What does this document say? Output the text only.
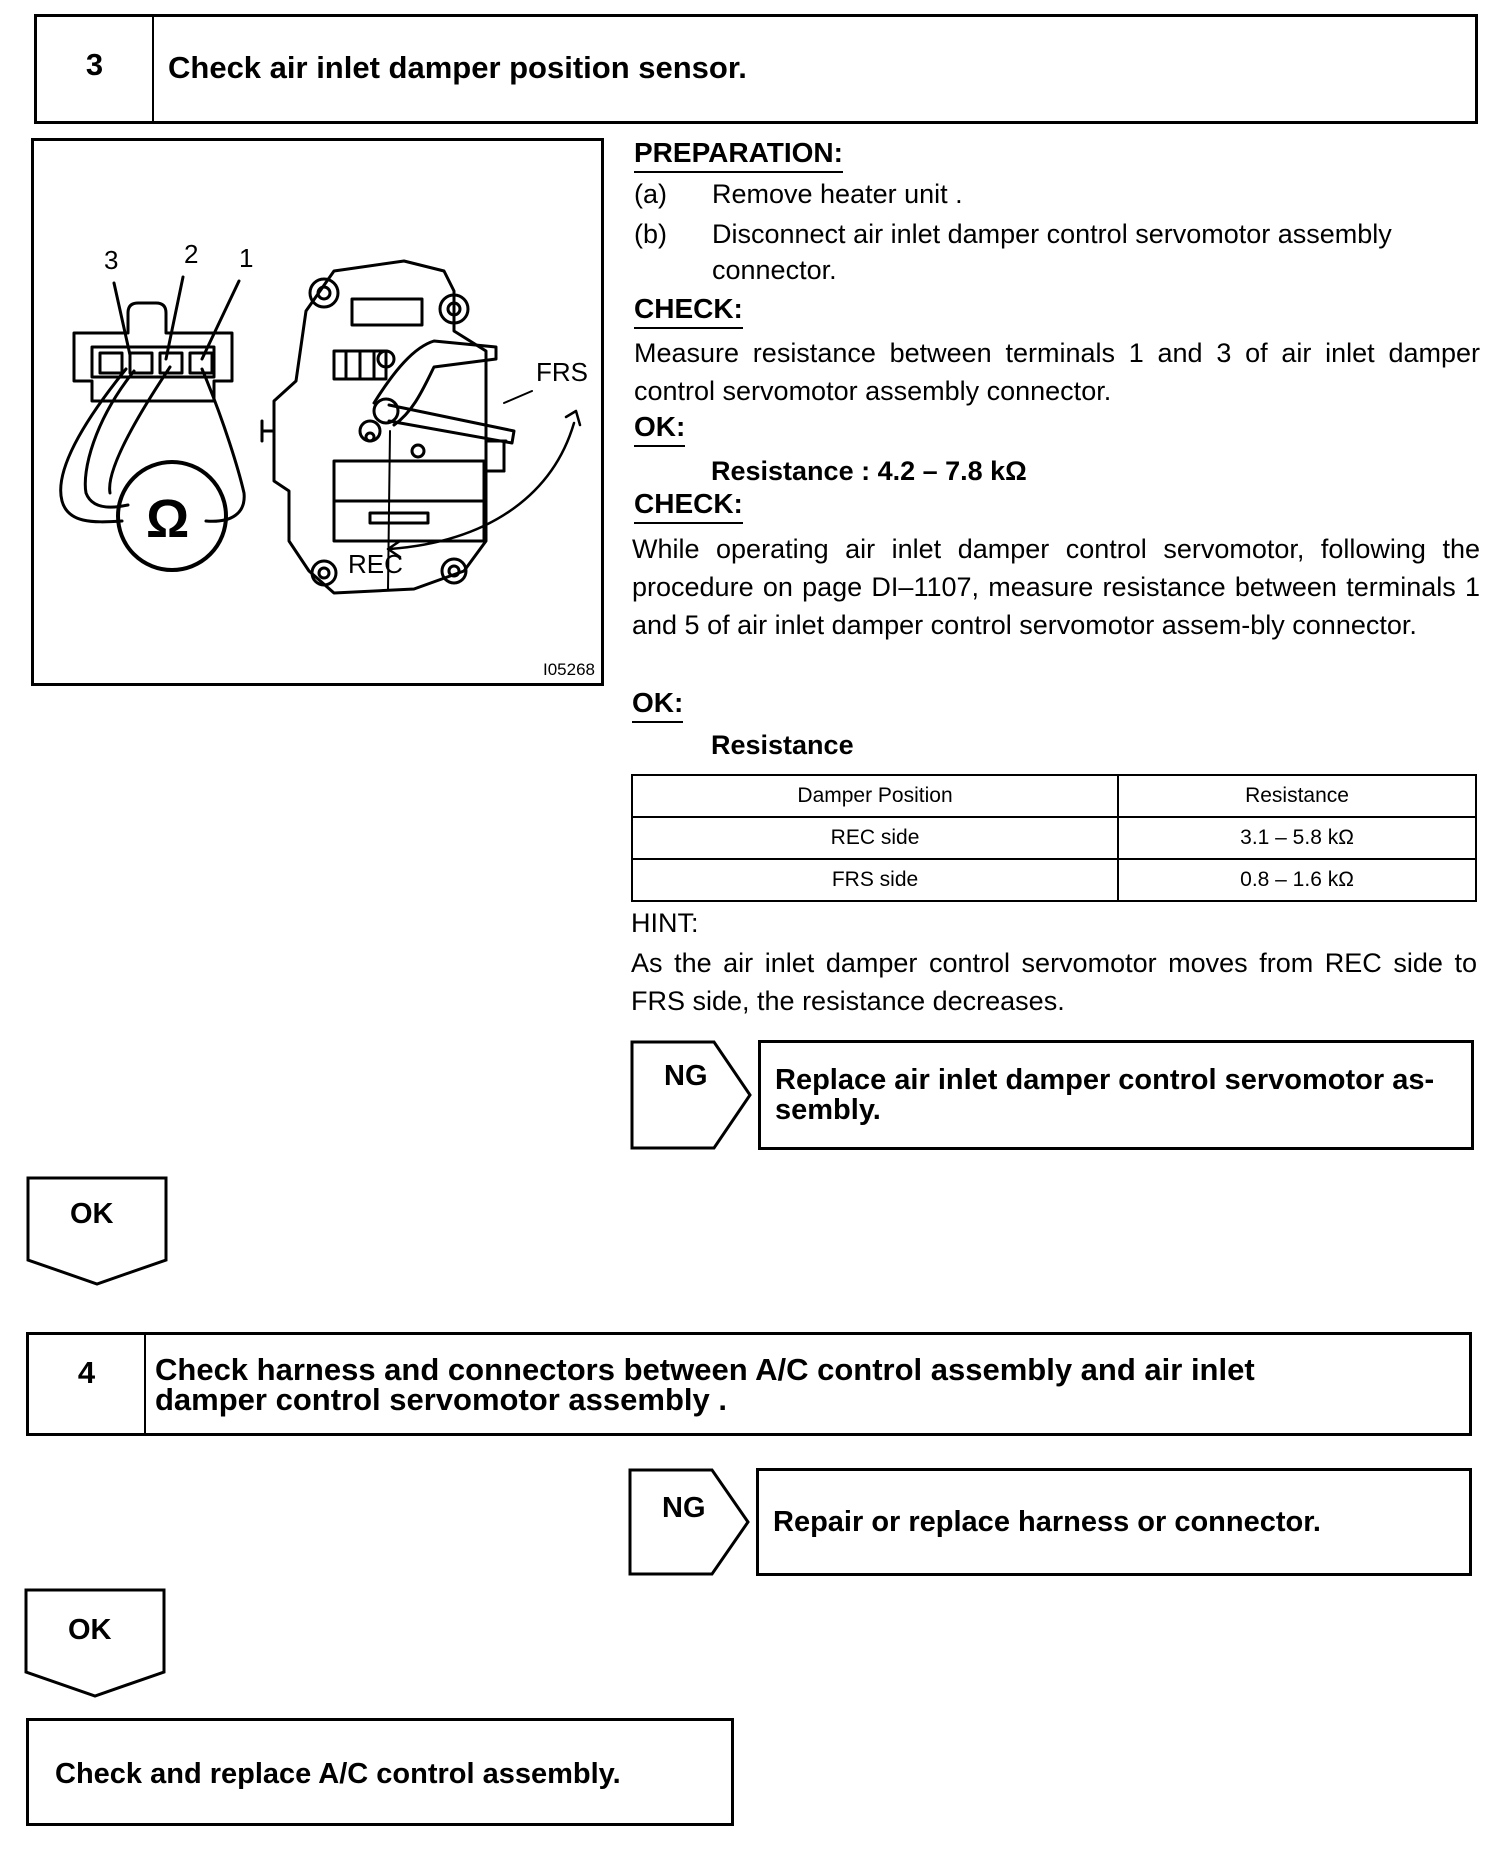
3	Check air inlet damper position sensor.
Ω
3	2 1
FRS
REC
I05268
PREPARATION:
(a) Remove heater unit .
(b) Disconnect air inlet damper control servomotor assembly connector.
CHECK:
Measure resistance between terminals 1 and 3 of air inlet damper control servomotor assembly connector.
OK:
Resistance : 4.2 – 7.8 kΩ
CHECK:
While operating air inlet damper control servomotor, following the procedure on page DI–1107, measure resistance between terminals 1 and 5 of air inlet damper control servomotor assem-bly connector.
OK:
Resistance
Damper Position	Resistance
REC side	3.1 – 5.8 kΩ
FRS side	0.8 – 1.6 kΩ
HINT:
As the air inlet damper control servomotor moves from REC side to FRS side, the resistance decreases.
NG Replace air inlet damper control servomotor as-
sembly.
OK
4	Check harness and connectors between A/C control assembly and air inlet
damper control servomotor assembly .
NG Repair or replace harness or connector.
OK
Check and replace A/C control assembly.
